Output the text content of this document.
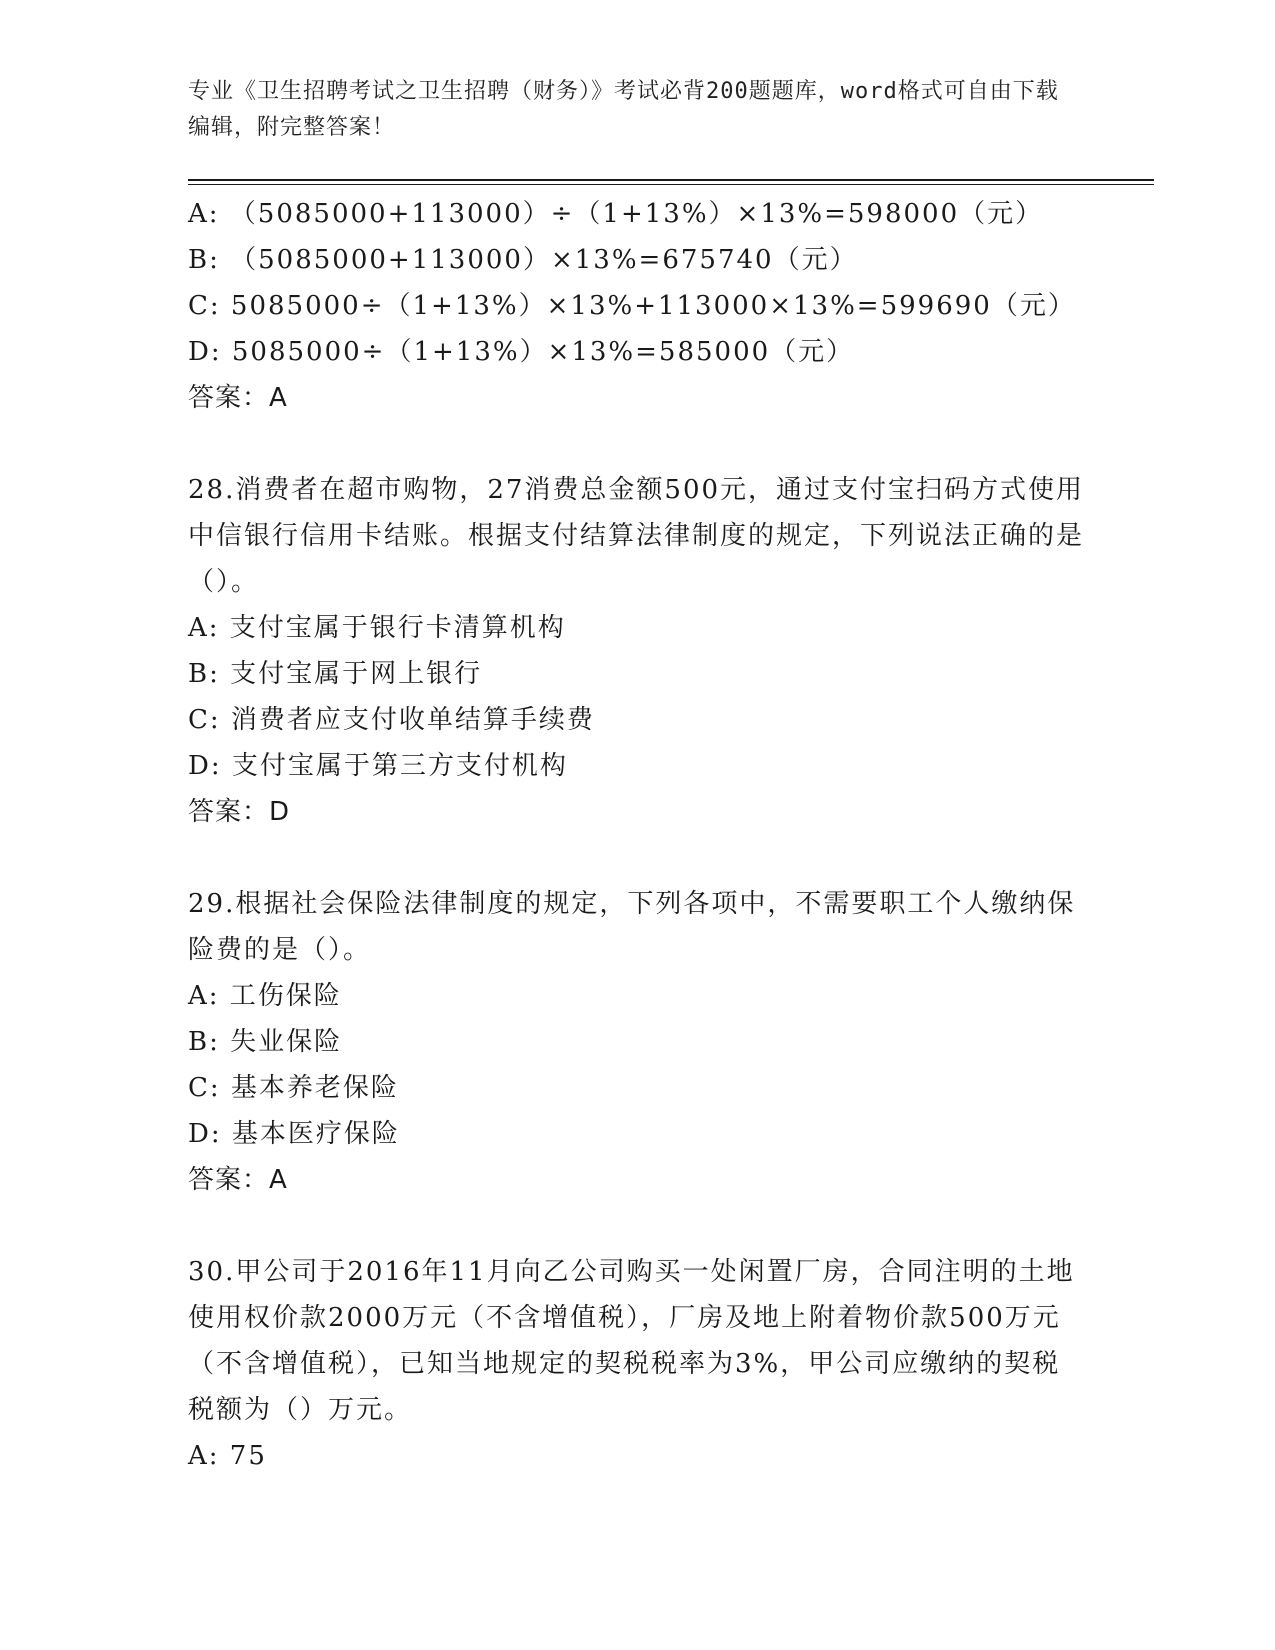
专业《卫生招聘考试之卫生招聘（财务）》考试必背200题题库，word格式可自由下载编辑，附完整答案！
A: （5085000+113000）÷（1+13%）×13%=598000（元）
B: （5085000+113000）×13%=675740（元）
C: 5085000÷（1+13%）×13%+113000×13%=599690（元）
D: 5085000÷（1+13%）×13%=585000（元）
答案：A
28.消费者在超市购物，27消费总金额500元，通过支付宝扫码方式使用中信银行信用卡结账。根据支付结算法律制度的规定，下列说法正确的是（）。
A: 支付宝属于银行卡清算机构
B: 支付宝属于网上银行
C: 消费者应支付收单结算手续费
D: 支付宝属于第三方支付机构
答案：D
29.根据社会保险法律制度的规定，下列各项中，不需要职工个人缴纳保险费的是（）。
A: 工伤保险
B: 失业保险
C: 基本养老保险
D: 基本医疗保险
答案：A
30.甲公司于2016年11月向乙公司购买一处闲置厂房，合同注明的土地使用权价款2000万元（不含增值税），厂房及地上附着物价款500万元（不含增值税），已知当地规定的契税税率为3%，甲公司应缴纳的契税税额为（）万元。
A: 75
